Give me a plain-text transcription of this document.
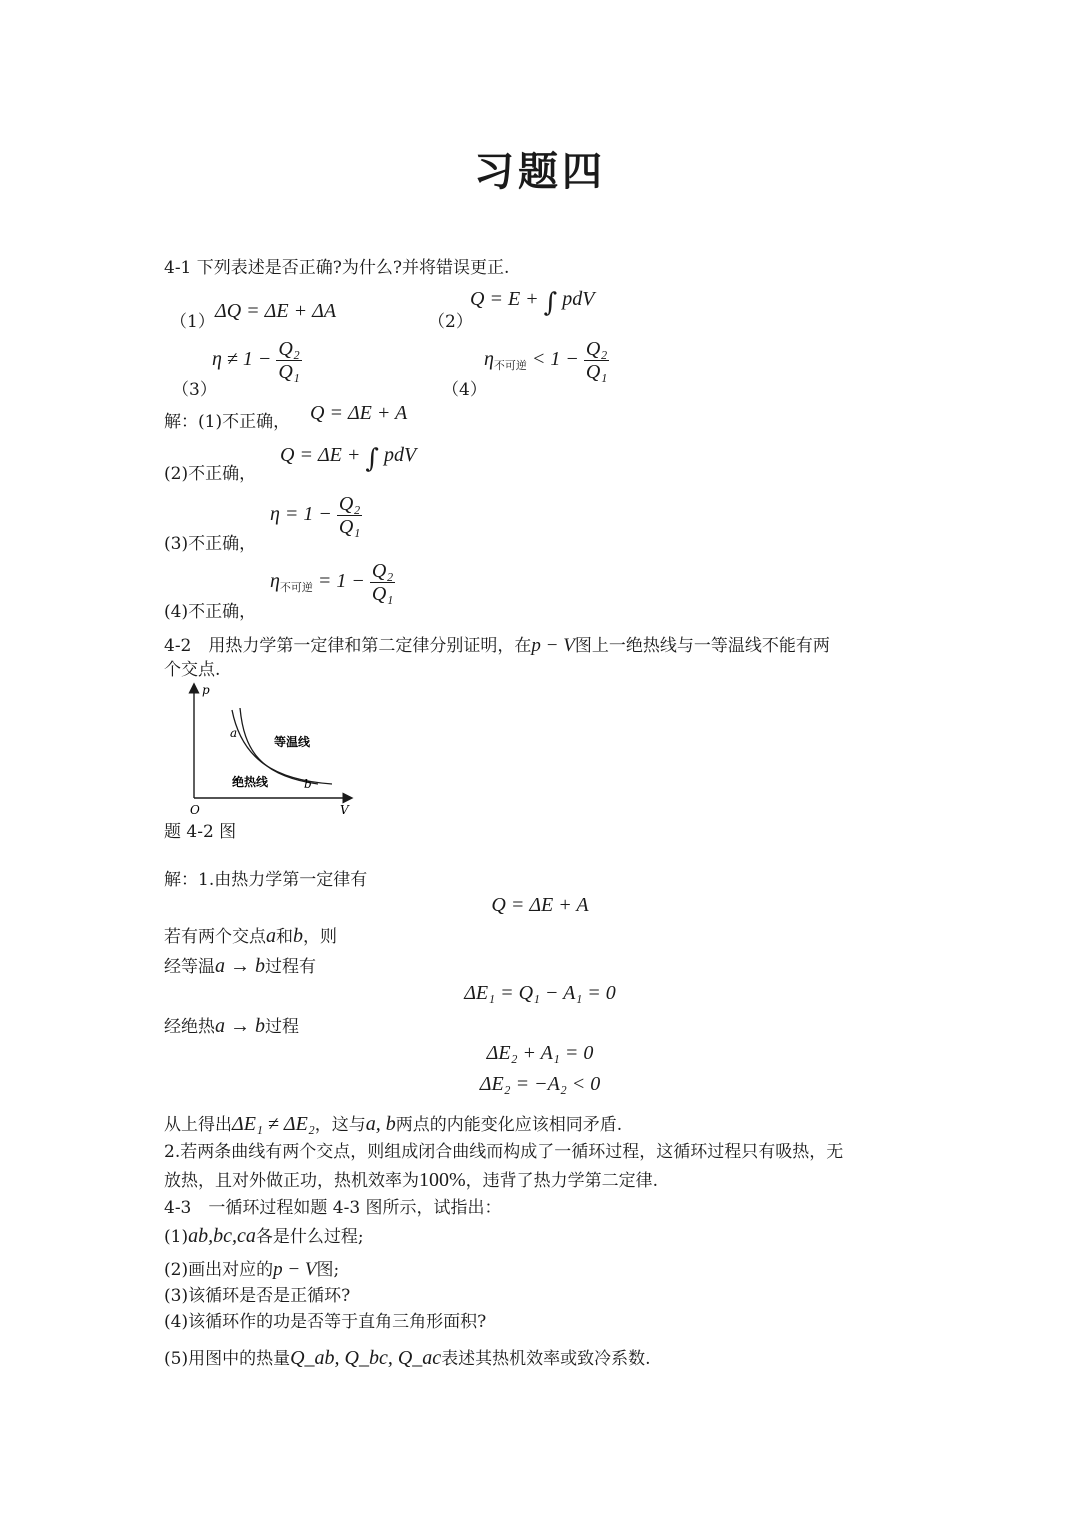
习题四
4-1 下列表述是否正确?为什么?并将错误更正.
（1） ΔQ = ΔE + ΔA	（2）
Q = E + ∫ pdV
$\eta \ne 1 - \frac{\text{Q₂}}{\text{Q₁}}$
（3）
$\eta_{不可逆} < 1 - \frac{\text{Q₂}}{\text{Q₁}}$
（4）
解：(1)不正确， Q = ΔE + A
(2)不正确，
Q = ΔE + ∫ pdV
(3)不正确，
$\eta = 1 - \frac{\text{Q₂}}{\text{Q₁}}$
(4)不正确，
$\eta_{不可逆} = 1 - \frac{\text{Q₂}}{\text{Q₁}}$
4-2　用热力学第一定律和第二定律分别证明，在p − V图上一绝热线与一等温线不能有两
个交点.
p
V
O
a
b
等温线
绝热线
题 4-2 图
解：1.由热力学第一定律有
Q = ΔE + A
若有两个交点a和b，则
经等温a → b过程有
ΔE₁ = Q₁ − A₁ = 0
经绝热a → b过程
ΔE₂ + A₁ = 0
ΔE₂ = −A₂ < 0
从上得出ΔE₁ ≠ ΔE₂，这与a, b两点的内能变化应该相同矛盾.
2.若两条曲线有两个交点，则组成闭合曲线而构成了一循环过程，这循环过程只有吸热，无
放热，且对外做正功，热机效率为100%，违背了热力学第二定律.
4-3　一循环过程如题 4-3 图所示，试指出：
(1)ab,bc,ca各是什么过程;
(2)画出对应的p − V图;
(3)该循环是否是正循环?
(4)该循环作的功是否等于直角三角形面积?
(5)用图中的热量Q_ab, Q_bc, Q_ac表述其热机效率或致冷系数.
